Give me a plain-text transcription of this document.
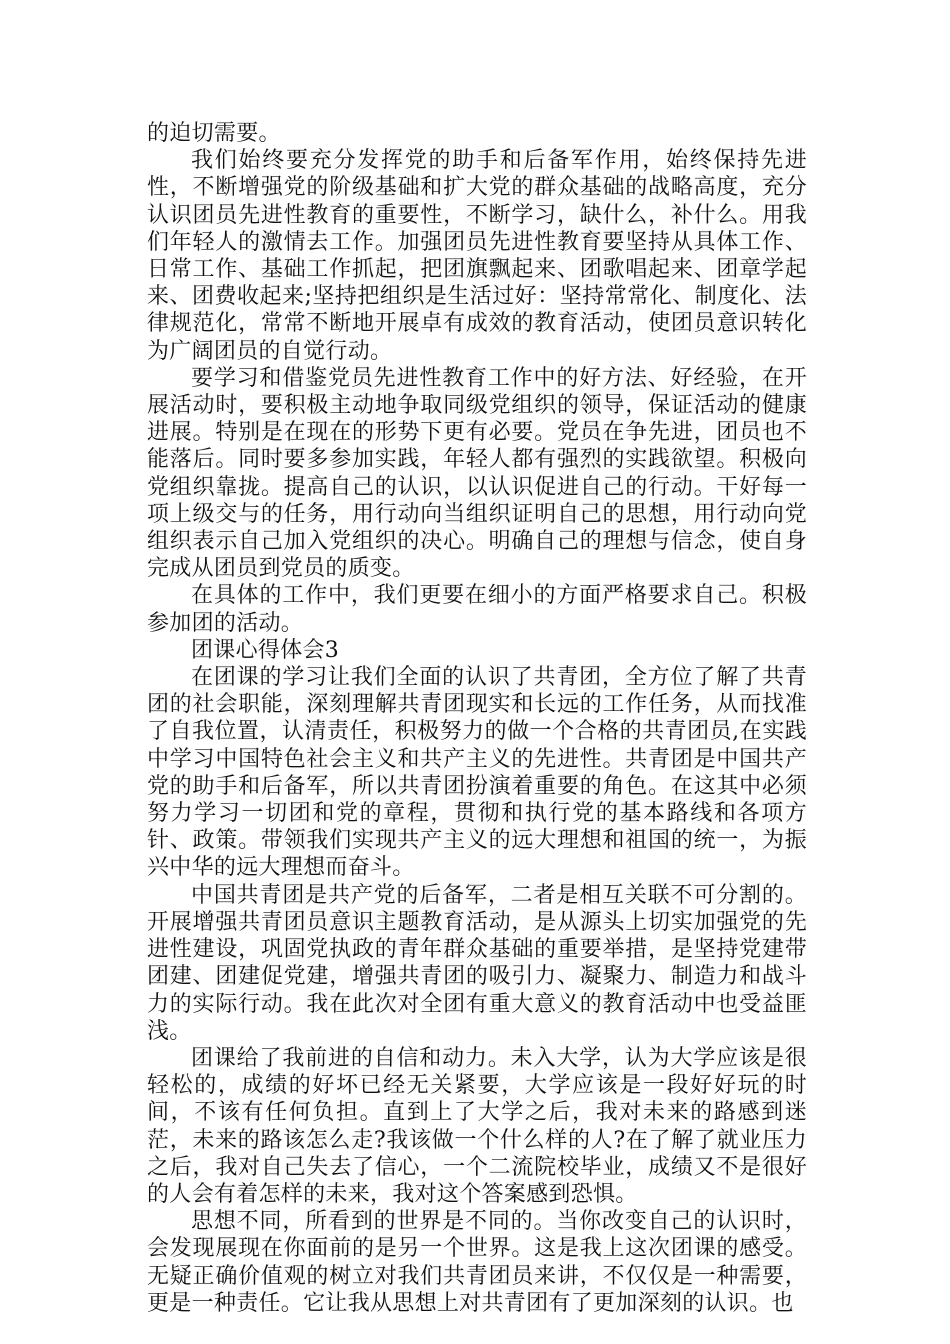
的迫切需要。

我们始终要充分发挥党的助手和后备军作用，始终保持先进性，不断增强党的阶级基础和扩大党的群众基础的战略高度，充分认识团员先进性教育的重要性，不断学习，缺什么，补什么。用我们年轻人的激情去工作。加强团员先进性教育要坚持从具体工作、日常工作、基础工作抓起，把团旗飘起来、团歌唱起来、团章学起来、团费收起来;坚持把组织是生活过好：坚持常常化、制度化、法律规范化，常常不断地开展卓有成效的教育活动，使团员意识转化为广阔团员的自觉行动。

要学习和借鉴党员先进性教育工作中的好方法、好经验，在开展活动时，要积极主动地争取同级党组织的领导，保证活动的健康进展。特别是在现在的形势下更有必要。党员在争先进，团员也不能落后。同时要多参加实践，年轻人都有强烈的实践欲望。积极向党组织靠拢。提高自己的认识，以认识促进自己的行动。干好每一项上级交与的任务，用行动向当组织证明自己的思想，用行动向党组织表示自己加入党组织的决心。明确自己的理想与信念，使自身完成从团员到党员的质变。

在具体的工作中，我们更要在细小的方面严格要求自己。积极参加团的活动。

团课心得体会3

在团课的学习让我们全面的认识了共青团，全方位了解了共青团的社会职能，深刻理解共青团现实和长远的工作任务，从而找准了自我位置，认清责任，积极努力的做一个合格的共青团员,在实践中学习中国特色社会主义和共产主义的先进性。共青团是中国共产党的助手和后备军，所以共青团扮演着重要的角色。在这其中必须努力学习一切团和党的章程，贯彻和执行党的基本路线和各项方针、政策。带领我们实现共产主义的远大理想和祖国的统一，为振兴中华的远大理想而奋斗。

中国共青团是共产党的后备军，二者是相互关联不可分割的。开展增强共青团员意识主题教育活动，是从源头上切实加强党的先进性建设，巩固党执政的青年群众基础的重要举措，是坚持党建带团建、团建促党建，增强共青团的吸引力、凝聚力、制造力和战斗力的实际行动。我在此次对全团有重大意义的教育活动中也受益匪浅。

团课给了我前进的自信和动力。未入大学，认为大学应该是很轻松的，成绩的好坏已经无关紧要，大学应该是一段好好玩的时间，不该有任何负担。直到上了大学之后，我对未来的路感到迷茫，未来的路该怎么走?我该做一个什么样的人?在了解了就业压力之后，我对自己失去了信心，一个二流院校毕业，成绩又不是很好的人会有着怎样的未来，我对这个答案感到恐惧。

思想不同，所看到的世界是不同的。当你改变自己的认识时，会发现展现在你面前的是另一个世界。这是我上这次团课的感受。无疑正确价值观的树立对我们共青团员来讲，不仅仅是一种需要，更是一种责任。它让我从思想上对共青团有了更加深刻的认识。也
